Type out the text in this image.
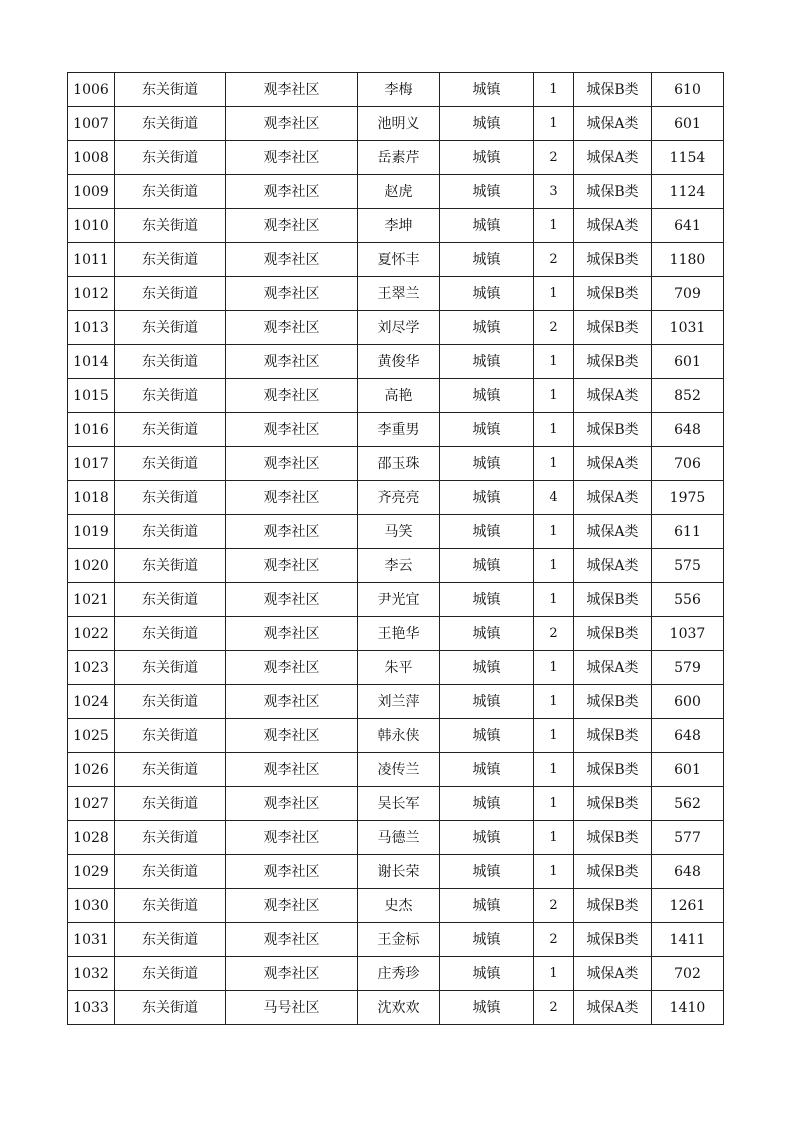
1006	东关街道	观李社区	李梅	城镇	1	城保B类	610
1007	东关街道	观李社区	池明义	城镇	1	城保A类	601
1008	东关街道	观李社区	岳素芹	城镇	2	城保A类	1154
1009	东关街道	观李社区	赵虎	城镇	3	城保B类	1124
1010	东关街道	观李社区	李坤	城镇	1	城保A类	641
1011	东关街道	观李社区	夏怀丰	城镇	2	城保B类	1180
1012	东关街道	观李社区	王翠兰	城镇	1	城保B类	709
1013	东关街道	观李社区	刘尽学	城镇	2	城保B类	1031
1014	东关街道	观李社区	黄俊华	城镇	1	城保B类	601
1015	东关街道	观李社区	高艳	城镇	1	城保A类	852
1016	东关街道	观李社区	李重男	城镇	1	城保B类	648
1017	东关街道	观李社区	邵玉珠	城镇	1	城保A类	706
1018	东关街道	观李社区	齐亮亮	城镇	4	城保A类	1975
1019	东关街道	观李社区	马笑	城镇	1	城保A类	611
1020	东关街道	观李社区	李云	城镇	1	城保A类	575
1021	东关街道	观李社区	尹光宜	城镇	1	城保B类	556
1022	东关街道	观李社区	王艳华	城镇	2	城保B类	1037
1023	东关街道	观李社区	朱平	城镇	1	城保A类	579
1024	东关街道	观李社区	刘兰萍	城镇	1	城保B类	600
1025	东关街道	观李社区	韩永侠	城镇	1	城保B类	648
1026	东关街道	观李社区	凌传兰	城镇	1	城保B类	601
1027	东关街道	观李社区	吴长军	城镇	1	城保B类	562
1028	东关街道	观李社区	马德兰	城镇	1	城保B类	577
1029	东关街道	观李社区	谢长荣	城镇	1	城保B类	648
1030	东关街道	观李社区	史杰	城镇	2	城保B类	1261
1031	东关街道	观李社区	王金标	城镇	2	城保B类	1411
1032	东关街道	观李社区	庄秀珍	城镇	1	城保A类	702
1033	东关街道	马号社区	沈欢欢	城镇	2	城保A类	1410
